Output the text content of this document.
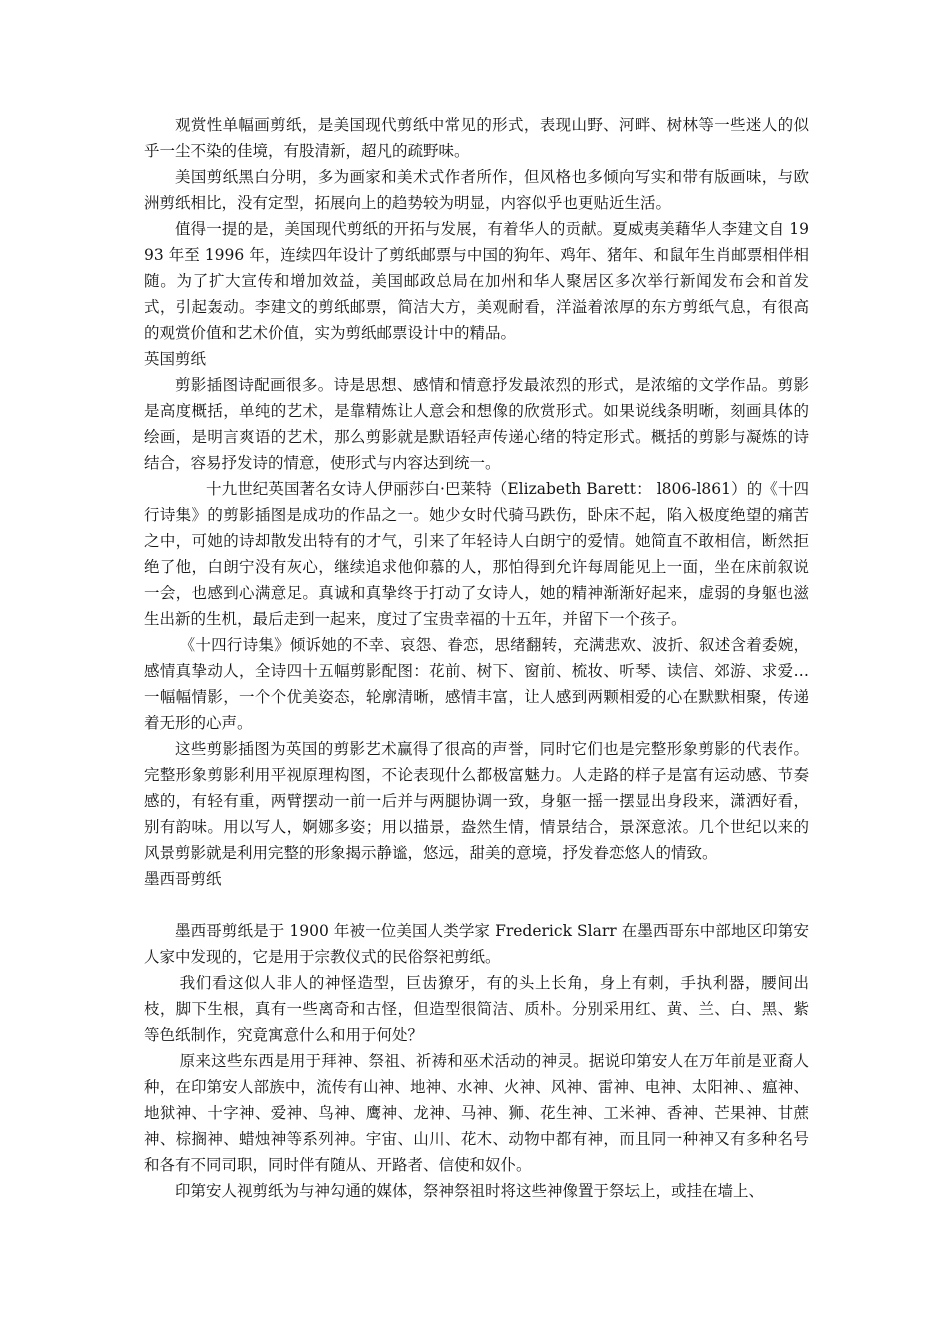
观赏性单幅画剪纸，是美国现代剪纸中常见的形式，表现山野、河畔、树林等一些迷人的似乎一尘不染的佳境，有股清新，超凡的疏野味。

美国剪纸黑白分明，多为画家和美术式作者所作，但风格也多倾向写实和带有版画味，与欧洲剪纸相比，没有定型，拓展向上的趋势较为明显，内容似乎也更贴近生活。

值得一提的是，美国现代剪纸的开拓与发展，有着华人的贡献。夏威夷美藉华人李建文自 1993 年至 1996 年，连续四年设计了剪纸邮票与中国的狗年、鸡年、猪年、和鼠年生肖邮票相伴相随。为了扩大宣传和增加效益，美国邮政总局在加州和华人聚居区多次举行新闻发布会和首发式，引起轰动。李建文的剪纸邮票，简洁大方，美观耐看，洋溢着浓厚的东方剪纸气息，有很高的观赏价值和艺术价值，实为剪纸邮票设计中的精品。

英国剪纸

剪影插图诗配画很多。诗是思想、感情和情意抒发最浓烈的形式，是浓缩的文学作品。剪影是高度概括，单纯的艺术，是靠精炼让人意会和想像的欣赏形式。如果说线条明晰，刻画具体的绘画，是明言爽语的艺术，那么剪影就是默语轻声传递心绪的特定形式。概括的剪影与凝炼的诗结合，容易抒发诗的情意，使形式与内容达到统一。

十九世纪英国著名女诗人伊丽莎白·巴莱特（Elizabeth Barett： l806-l861）的《十四行诗集》的剪影插图是成功的作品之一。她少女时代骑马跌伤，卧床不起，陷入极度绝望的痛苦之中，可她的诗却散发出特有的才气，引来了年轻诗人白朗宁的爱情。她简直不敢相信，断然拒绝了他，白朗宁没有灰心，继续追求他仰慕的人，那怕得到允许每周能见上一面，坐在床前叙说一会，也感到心满意足。真诚和真挚终于打动了女诗人，她的精神渐渐好起来，虚弱的身躯也滋生出新的生机，最后走到一起来，度过了宝贵幸福的十五年，并留下一个孩子。

《十四行诗集》倾诉她的不幸、哀怨、眷恋，思绪翻转，充满悲欢、波折、叙述含着委婉，感情真挚动人，全诗四十五幅剪影配图：花前、树下、窗前、梳妆、听琴、读信、郊游、求爱…一幅幅情影，一个个优美姿态，轮廓清晰，感情丰富，让人感到两颗相爱的心在默默相聚，传递着无形的心声。

这些剪影插图为英国的剪影艺术赢得了很高的声誉，同时它们也是完整形象剪影的代表作。完整形象剪影利用平视原理构图，不论表现什么都极富魅力。人走路的样子是富有运动感、节奏感的，有轻有重，两臂摆动一前一后并与两腿协调一致，身躯一摇一摆显出身段来，潇洒好看，别有韵味。用以写人，婀娜多姿；用以描景，盎然生情，情景结合，景深意浓。几个世纪以来的风景剪影就是利用完整的形象揭示静谧，悠远，甜美的意境，抒发眷恋悠人的情致。

墨西哥剪纸

墨西哥剪纸是于 1900 年被一位美国人类学家 Frederick Slarr 在墨西哥东中部地区印第安人家中发现的，它是用于宗教仪式的民俗祭祀剪纸。

我们看这似人非人的神怪造型，巨齿獠牙，有的头上长角，身上有刺，手执利器，腰间出枝，脚下生根，真有一些离奇和古怪，但造型很简洁、质朴。分别采用红、黄、兰、白、黑、紫等色纸制作，究竟寓意什么和用于何处？

原来这些东西是用于拜神、祭祖、祈祷和巫术活动的神灵。据说印第安人在万年前是亚裔人种，在印第安人部族中，流传有山神、地神、水神、火神、风神、雷神、电神、太阳神、、瘟神、地狱神、十字神、爱神、鸟神、鹰神、龙神、马神、狮、花生神、工米神、香神、芒果神、甘蔗神、棕搁神、蜡烛神等系列神。宇宙、山川、花木、动物中都有神，而且同一种神又有多种名号和各有不同司职，同时伴有随从、开路者、信使和奴仆。

印第安人视剪纸为与神勾通的媒体，祭神祭祖时将这些神像置于祭坛上，或挂在墙上、
